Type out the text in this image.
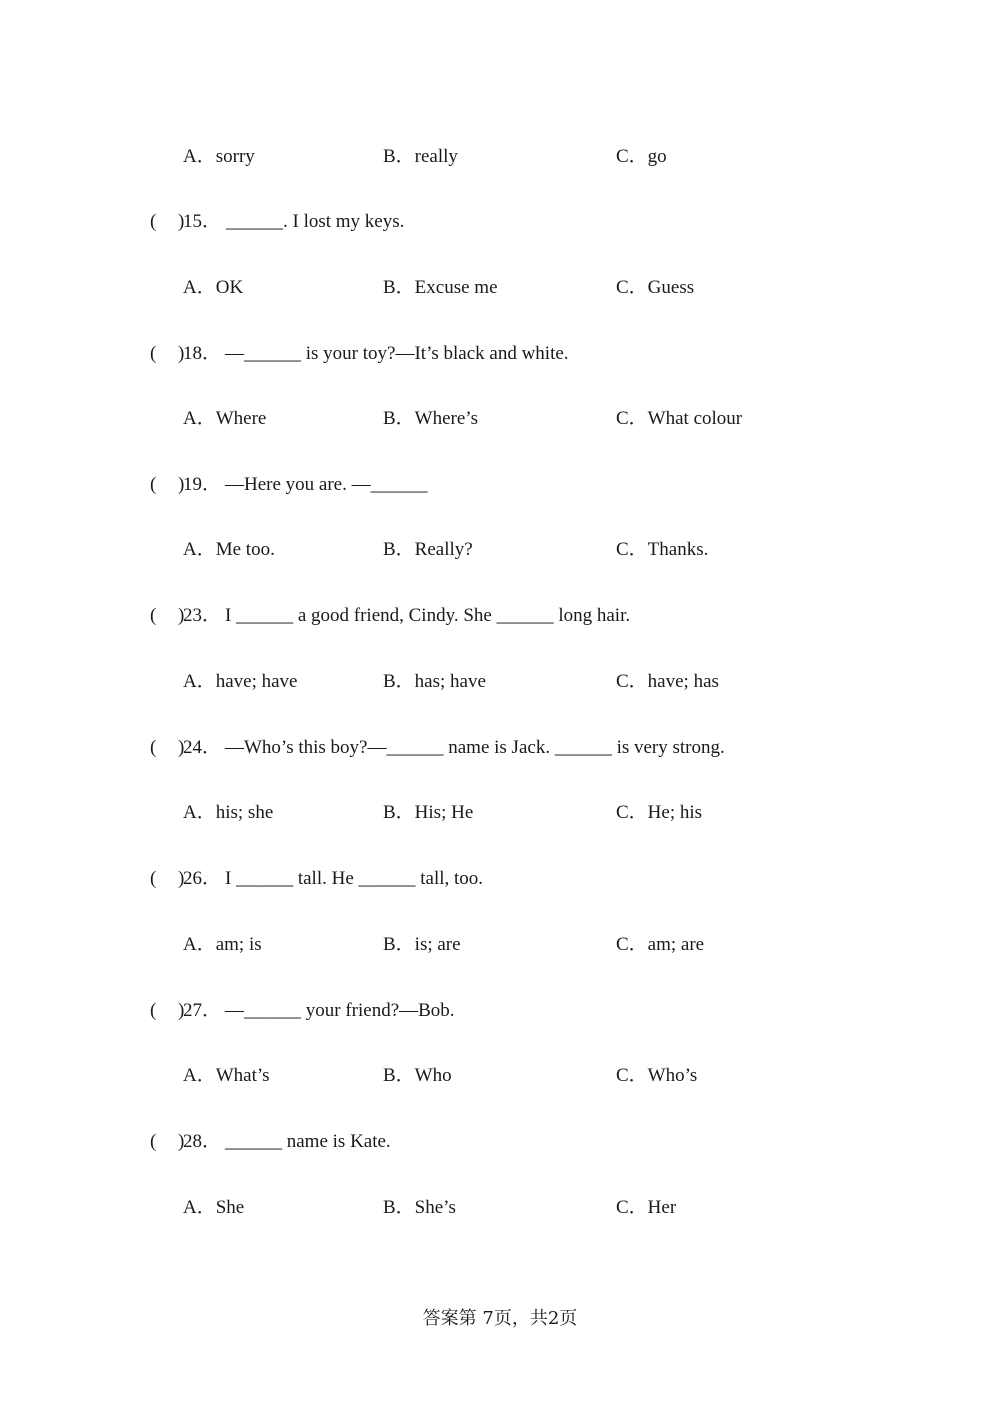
A．sorry	B．really	C．go
( )
15． ______. I lost my keys.
A．OK	B．Excuse me	C．Guess
( )
18． —______ is your toy?—It’s black and white.
A．Where	B．Where’s	C．What colour
( )
19． —Here you are. —______
A．Me too.	B．Really?	C．Thanks.
( )
23． I ______ a good friend, Cindy. She ______ long hair.
A．have; have	B．has; have	C．have; has
( )
24． —Who’s this boy?—______ name is Jack. ______ is very strong.
A．his; she	B．His; He	C．He; his
( )
26． I ______ tall. He ______ tall, too.
A．am; is	B．is; are	C．am; are
( )
27． —______ your friend?—Bob.
A．What’s	B．Who	C．Who’s
( )
28． ______ name is Kate.
A．She	B．She’s	C．Her
答案第 7页，共2页
